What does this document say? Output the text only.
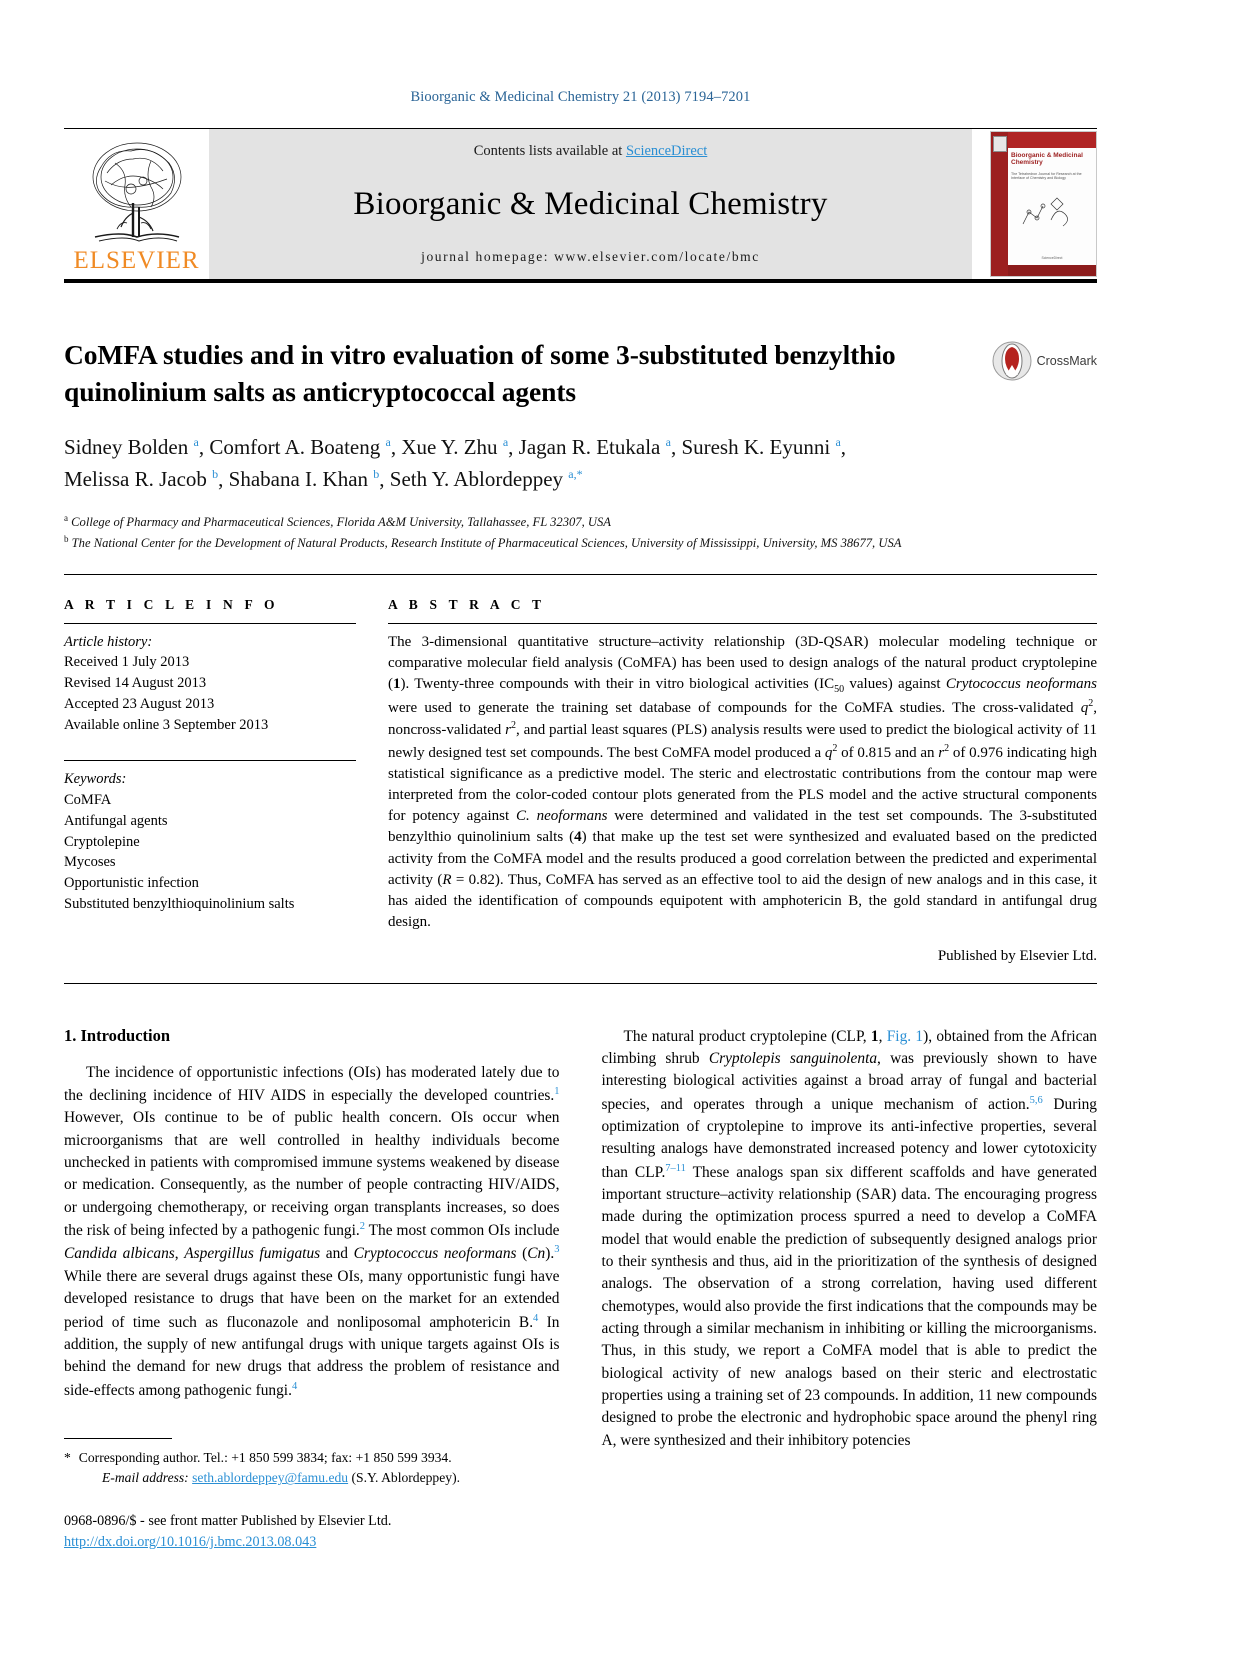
Bioorganic & Medicinal Chemistry 21 (2013) 7194–7201
ELSEVIER
Contents lists available at ScienceDirect
Bioorganic & Medicinal Chemistry
journal homepage: www.elsevier.com/locate/bmc
Bioorganic & Medicinal Chemistry
The Tetrahedron Journal for Research at the Interface of Chemistry and Biology
ScienceDirect
CoMFA studies and in vitro evaluation of some 3-substituted benzylthio quinolinium salts as anticryptococcal agents
CrossMark
Sidney Bolden $^a$, Comfort A. Boateng $^a$, Xue Y. Zhu $^a$, Jagan R. Etukala $^a$, Suresh K. Eyunni $^a$,
Melissa R. Jacob $^b$, Shabana I. Khan $^b$, Seth Y. Ablordeppey $^{a,*}$
$^a$ College of Pharmacy and Pharmaceutical Sciences, Florida A&M University, Tallahassee, FL 32307, USA
$^b$ The National Center for the Development of Natural Products, Research Institute of Pharmaceutical Sciences, University of Mississippi, University, MS 38677, USA
A R T I C L E I N F O
Article history:
Received 1 July 2013
Revised 14 August 2013
Accepted 23 August 2013
Available online 3 September 2013
Keywords:
CoMFA
Antifungal agents
Cryptolepine
Mycoses
Opportunistic infection
Substituted benzylthioquinolinium salts
A B S T R A C T
The 3-dimensional quantitative structure–activity relationship (3D-QSAR) molecular modeling technique or comparative molecular field analysis (CoMFA) has been used to design analogs of the natural product cryptolepine (1). Twenty-three compounds with their in vitro biological activities ($IC_{50}$ values) against Crytococcus neoformans were used to generate the training set database of compounds for the CoMFA studies. The cross-validated $q^2$, noncross-validated $r^2$, and partial least squares (PLS) analysis results were used to predict the biological activity of 11 newly designed test set compounds. The best CoMFA model produced a $q^2$ of 0.815 and an $r^2$ of 0.976 indicating high statistical significance as a predictive model. The steric and electrostatic contributions from the contour map were interpreted from the color-coded contour plots generated from the PLS model and the active structural components for potency against C. neoformans were determined and validated in the test set compounds. The 3-substituted benzylthio quinolinium salts (4) that make up the test set were synthesized and evaluated based on the predicted activity from the CoMFA model and the results produced a good correlation between the predicted and experimental activity (R = 0.82). Thus, CoMFA has served as an effective tool to aid the design of new analogs and in this case, it has aided the identification of compounds equipotent with amphotericin B, the gold standard in antifungal drug design.
Published by Elsevier Ltd.
1. Introduction

The incidence of opportunistic infections (OIs) has moderated lately due to the declining incidence of HIV AIDS in especially the developed countries.$^1$ However, OIs continue to be of public health concern. OIs occur when microorganisms that are well controlled in healthy individuals become unchecked in patients with compromised immune systems weakened by disease or medication. Consequently, as the number of people contracting HIV/AIDS, or undergoing chemotherapy, or receiving organ transplants increases, so does the risk of being infected by a pathogenic fungi.$^2$ The most common OIs include Candida albicans, Aspergillus fumigatus and Cryptococcus neoformans (Cn).$^3$ While there are several drugs against these OIs, many opportunistic fungi have developed resistance to drugs that have been on the market for an extended period of time such as fluconazole and nonliposomal amphotericin B.$^4$ In addition, the supply of new antifungal drugs with unique targets against OIs is behind the demand for new drugs that address the problem of resistance and side-effects among pathogenic fungi.$^4$

* Corresponding author. Tel.: +1 850 599 3834; fax: +1 850 599 3934.
E-mail address: seth.ablordeppey@famu.edu (S.Y. Ablordeppey).
0968-0896/$ - see front matter Published by Elsevier Ltd.
http://dx.doi.org/10.1016/j.bmc.2013.08.043

The natural product cryptolepine (CLP, 1, Fig. 1), obtained from the African climbing shrub Cryptolepis sanguinolenta, was previously shown to have interesting biological activities against a broad array of fungal and bacterial species, and operates through a unique mechanism of action.$^{5,6}$ During optimization of cryptolepine to improve its anti-infective properties, several resulting analogs have demonstrated increased potency and lower cytotoxicity than CLP.$^{7-11}$ These analogs span six different scaffolds and have generated important structure–activity relationship (SAR) data. The encouraging progress made during the optimization process spurred a need to develop a CoMFA model that would enable the prediction of subsequently designed analogs prior to their synthesis and thus, aid in the prioritization of the synthesis of designed analogs. The observation of a strong correlation, having used different chemotypes, would also provide the first indications that the compounds may be acting through a similar mechanism in inhibiting or killing the microorganisms. Thus, in this study, we report a CoMFA model that is able to predict the biological activity of new analogs based on their steric and electrostatic properties using a training set of 23 compounds. In addition, 11 new compounds designed to probe the electronic and hydrophobic space around the phenyl ring A, were synthesized and their inhibitory potencies
